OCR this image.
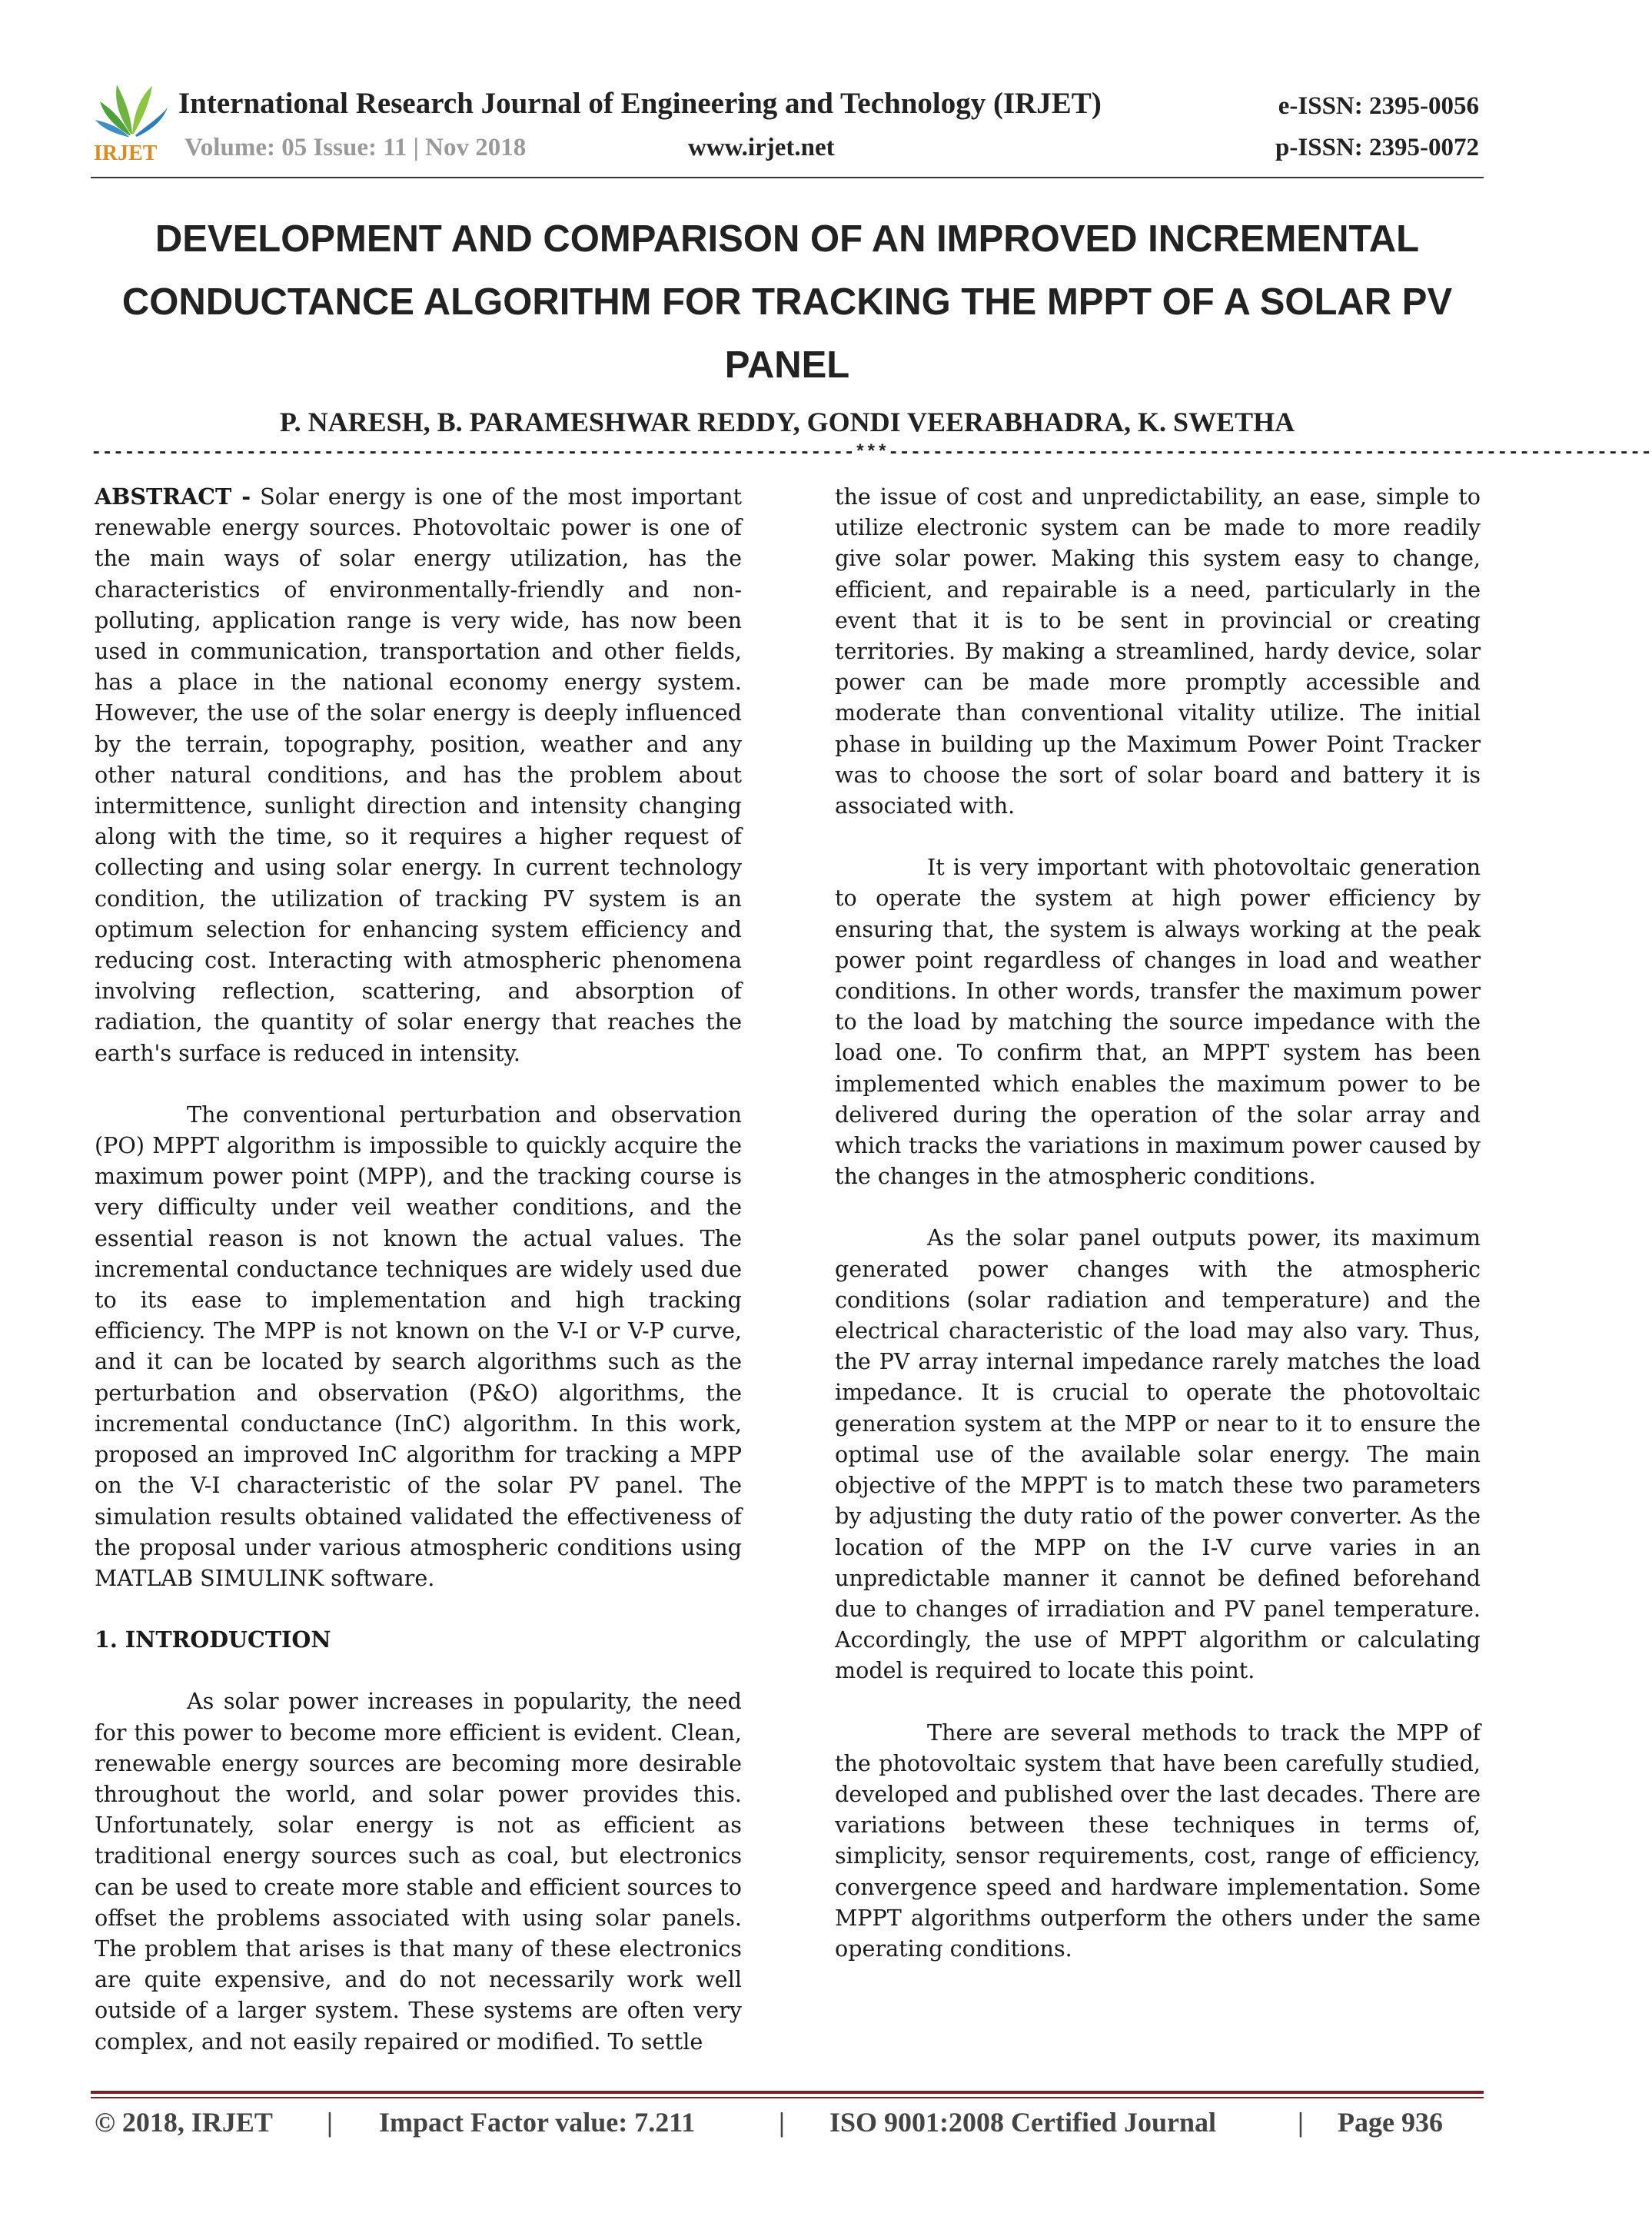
IRJET
International Research Journal of Engineering and Technology (IRJET)
Volume: 05 Issue: 11 | Nov 2018	www.irjet.net
e-ISSN: 2395-0056
p-ISSN: 2395-0072
DEVELOPMENT AND COMPARISON OF AN IMPROVED INCREMENTAL CONDUCTANCE ALGORITHM FOR TRACKING THE MPPT OF A SOLAR PV PANEL
P. NARESH, B. PARAMESHWAR REDDY, GONDI VEERABHADRA, K. SWETHA
---------------------------------------------------------------------***---------------------------------------------------------------------

ABSTRACT - Solar energy is one of the most important renewable energy sources. Photovoltaic power is one of the main ways of solar energy utilization, has the characteristics of environmentally-friendly and non-polluting, application range is very wide, has now been used in communication, transportation and other fields, has a place in the national economy energy system. However, the use of the solar energy is deeply influenced by the terrain, topography, position, weather and any other natural conditions, and has the problem about intermittence, sunlight direction and intensity changing along with the time, so it requires a higher request of collecting and using solar energy. In current technology condition, the utilization of tracking PV system is an optimum selection for enhancing system efficiency and reducing cost. Interacting with atmospheric phenomena involving reflection, scattering, and absorption of radiation, the quantity of solar energy that reaches the earth's surface is reduced in intensity.

The conventional perturbation and observation (PO) MPPT algorithm is impossible to quickly acquire the maximum power point (MPP), and the tracking course is very difficulty under veil weather conditions, and the essential reason is not known the actual values. The incremental conductance techniques are widely used due to its ease to implementation and high tracking efficiency. The MPP is not known on the V-I or V-P curve, and it can be located by search algorithms such as the perturbation and observation (P&O) algorithms, the incremental conductance (InC) algorithm. In this work, proposed an improved InC algorithm for tracking a MPP on the V-I characteristic of the solar PV panel. The simulation results obtained validated the effectiveness of the proposal under various atmospheric conditions using MATLAB SIMULINK software.

1. INTRODUCTION

As solar power increases in popularity, the need for this power to become more efficient is evident. Clean, renewable energy sources are becoming more desirable throughout the world, and solar power provides this. Unfortunately, solar energy is not as efficient as traditional energy sources such as coal, but electronics can be used to create more stable and efficient sources to offset the problems associated with using solar panels. The problem that arises is that many of these electronics are quite expensive, and do not necessarily work well outside of a larger system. These systems are often very complex, and not easily repaired or modified. To settle

the issue of cost and unpredictability, an ease, simple to utilize electronic system can be made to more readily give solar power. Making this system easy to change, efficient, and repairable is a need, particularly in the event that it is to be sent in provincial or creating territories. By making a streamlined, hardy device, solar power can be made more promptly accessible and moderate than conventional vitality utilize. The initial phase in building up the Maximum Power Point Tracker was to choose the sort of solar board and battery it is associated with.

It is very important with photovoltaic generation to operate the system at high power efficiency by ensuring that, the system is always working at the peak power point regardless of changes in load and weather conditions. In other words, transfer the maximum power to the load by matching the source impedance with the load one. To confirm that, an MPPT system has been implemented which enables the maximum power to be delivered during the operation of the solar array and which tracks the variations in maximum power caused by the changes in the atmospheric conditions.

As the solar panel outputs power, its maximum generated power changes with the atmospheric conditions (solar radiation and temperature) and the electrical characteristic of the load may also vary. Thus, the PV array internal impedance rarely matches the load impedance. It is crucial to operate the photovoltaic generation system at the MPP or near to it to ensure the optimal use of the available solar energy. The main objective of the MPPT is to match these two parameters by adjusting the duty ratio of the power converter. As the location of the MPP on the I-V curve varies in an unpredictable manner it cannot be defined beforehand due to changes of irradiation and PV panel temperature. Accordingly, the use of MPPT algorithm or calculating model is required to locate this point.

There are several methods to track the MPP of the photovoltaic system that have been carefully studied, developed and published over the last decades. There are variations between these techniques in terms of, simplicity, sensor requirements, cost, range of efficiency, convergence speed and hardware implementation. Some MPPT algorithms outperform the others under the same operating conditions.

© 2018, IRJET | Impact Factor value: 7.211	| ISO 9001:2008 Certified Journal	| Page 936
